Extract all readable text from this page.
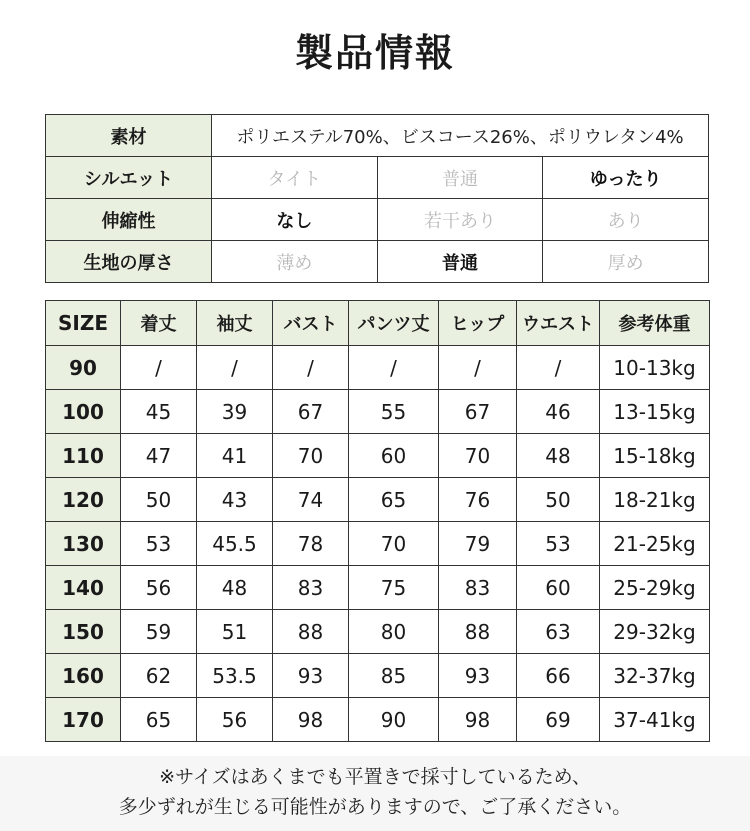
製品情報
素材	ポリエステル70%、ビスコース26%、ポリウレタン4%		
シルエット	タイト	普通	ゆったり
伸縮性	なし	若干あり	あり
生地の厚さ	薄め	普通	厚め
SIZE	着丈	袖丈	バスト	パンツ丈	ヒップ	ウエスト	参考体重
90	/	/	/	/	/	/	10-13kg
100	45	39	67	55	67	46	13-15kg
110	47	41	70	60	70	48	15-18kg
120	50	43	74	65	76	50	18-21kg
130	53	45.5	78	70	79	53	21-25kg
140	56	48	83	75	83	60	25-29kg
150	59	51	88	80	88	63	29-32kg
160	62	53.5	93	85	93	66	32-37kg
170	65	56	98	90	98	69	37-41kg
※サイズはあくまでも平置きで採寸しているため、
多少ずれが生じる可能性がありますので、ご了承ください。
